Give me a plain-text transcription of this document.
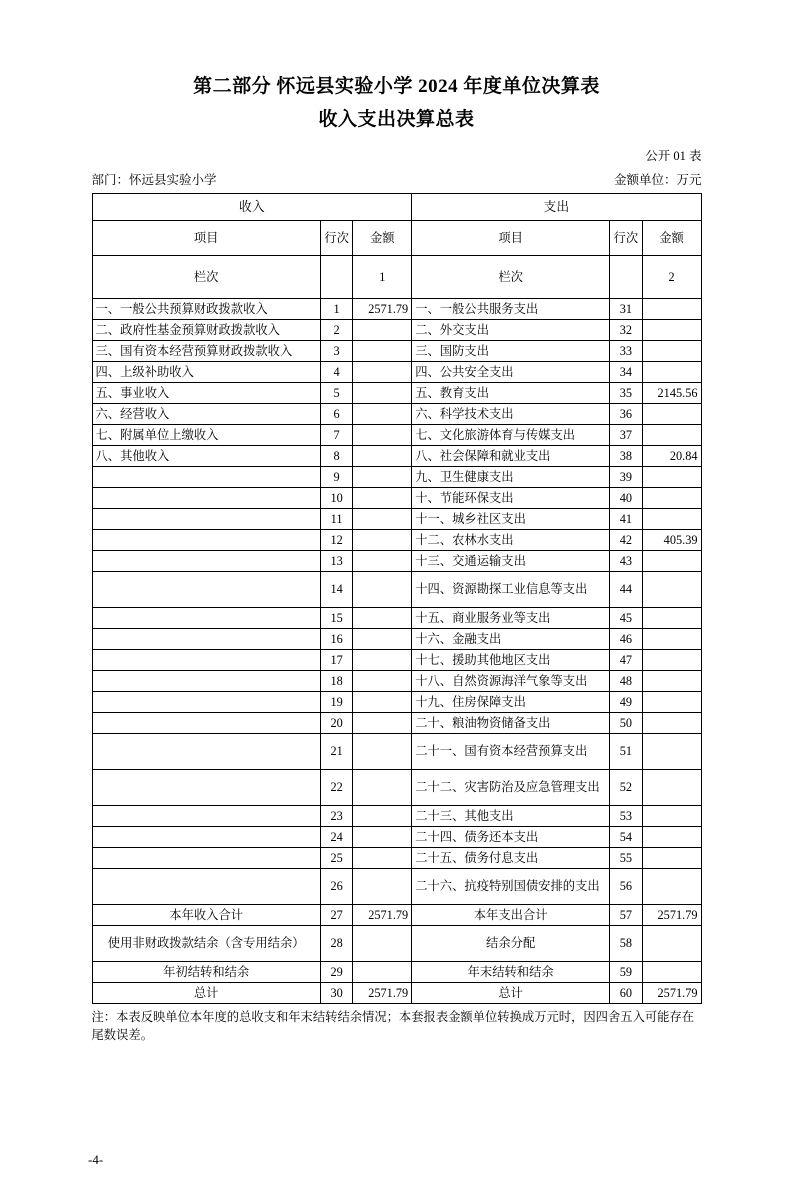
第二部分 怀远县实验小学 2024 年度单位决算表
收入支出决算总表
公开 01 表
部门：怀远县实验小学	金额单位：万元
收入			支出		
项目	行次	金额	项目	行次	金额
栏次		1	栏次		2
一、一般公共预算财政拨款收入	1	2571.79	一、一般公共服务支出	31	
二、政府性基金预算财政拨款收入	2		二、外交支出	32	
三、国有资本经营预算财政拨款收入	3		三、国防支出	33	
四、上级补助收入	4		四、公共安全支出	34	
五、事业收入	5		五、教育支出	35	2145.56
六、经营收入	6		六、科学技术支出	36	
七、附属单位上缴收入	7		七、文化旅游体育与传媒支出	37	
八、其他收入	8		八、社会保障和就业支出	38	20.84
	9		九、卫生健康支出	39	
	10		十、节能环保支出	40	
	11		十一、城乡社区支出	41	
	12		十二、农林水支出	42	405.39
	13		十三、交通运输支出	43	
	14		十四、资源勘探工业信息等支出	44	
	15		十五、商业服务业等支出	45	
	16		十六、金融支出	46	
	17		十七、援助其他地区支出	47	
	18		十八、自然资源海洋气象等支出	48	
	19		十九、住房保障支出	49	
	20		二十、粮油物资储备支出	50	
	21		二十一、国有资本经营预算支出	51	
	22		二十二、灾害防治及应急管理支出	52	
	23		二十三、其他支出	53	
	24		二十四、债务还本支出	54	
	25		二十五、债务付息支出	55	
	26		二十六、抗疫特别国债安排的支出	56	
本年收入合计	27	2571.79	本年支出合计	57	2571.79
使用非财政拨款结余（含专用结余）	28		结余分配	58	
年初结转和结余	29		年末结转和结余	59	
总计	30	2571.79	总计	60	2571.79

注：本表反映单位本年度的总收支和年末结转结余情况；本套报表金额单位转换成万元时，因四舍五入可能存在尾数误差。

-4-
